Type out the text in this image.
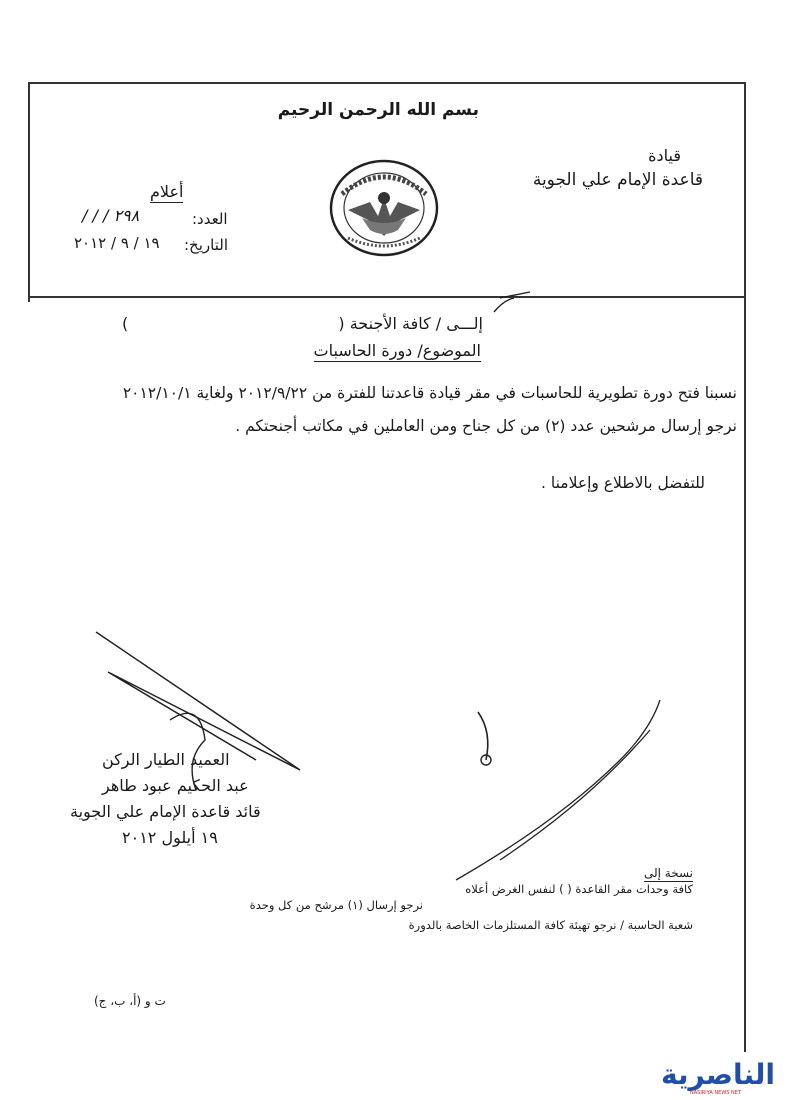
بسم الله الرحمن الرحيم
قيادة
قاعدة الإمام علي الجوية
أعلام
العدد:
٢٩٨ / / /
التاريخ:
١٩ / ٩ / ٢٠١٢
إلـــى / كافة الأجنحة (
)
الموضوع/ دورة الحاسبات
نسبنا فتح دورة تطويرية للحاسبات في مقر قيادة قاعدتنا للفترة من ٢٠١٢/٩/٢٢ ولغاية ٢٠١٢/١٠/١
نرجو إرسال مرشحين عدد (٢) من كل جناح ومن العاملين في مكاتب أجنحتكم .
للتفضل بالاطلاع وإعلامنا .
العميد الطيار الركن
عبد الحكيم عبود طاهر
قائد قاعدة الإمام علي الجوية
١٩ أيلول ٢٠١٢
نسخة إلى
كافة وحدات مقر القاعدة ( ) لنفس الغرض أعلاه
نرجو إرسال (١) مرشح من كل وحدة
شعبة الحاسبة / نرجو تهيئة كافة المستلزمات الخاصة بالدورة
ت و (أ، ب، ج)
الناصرية
NASIRIYA NEWS NET
